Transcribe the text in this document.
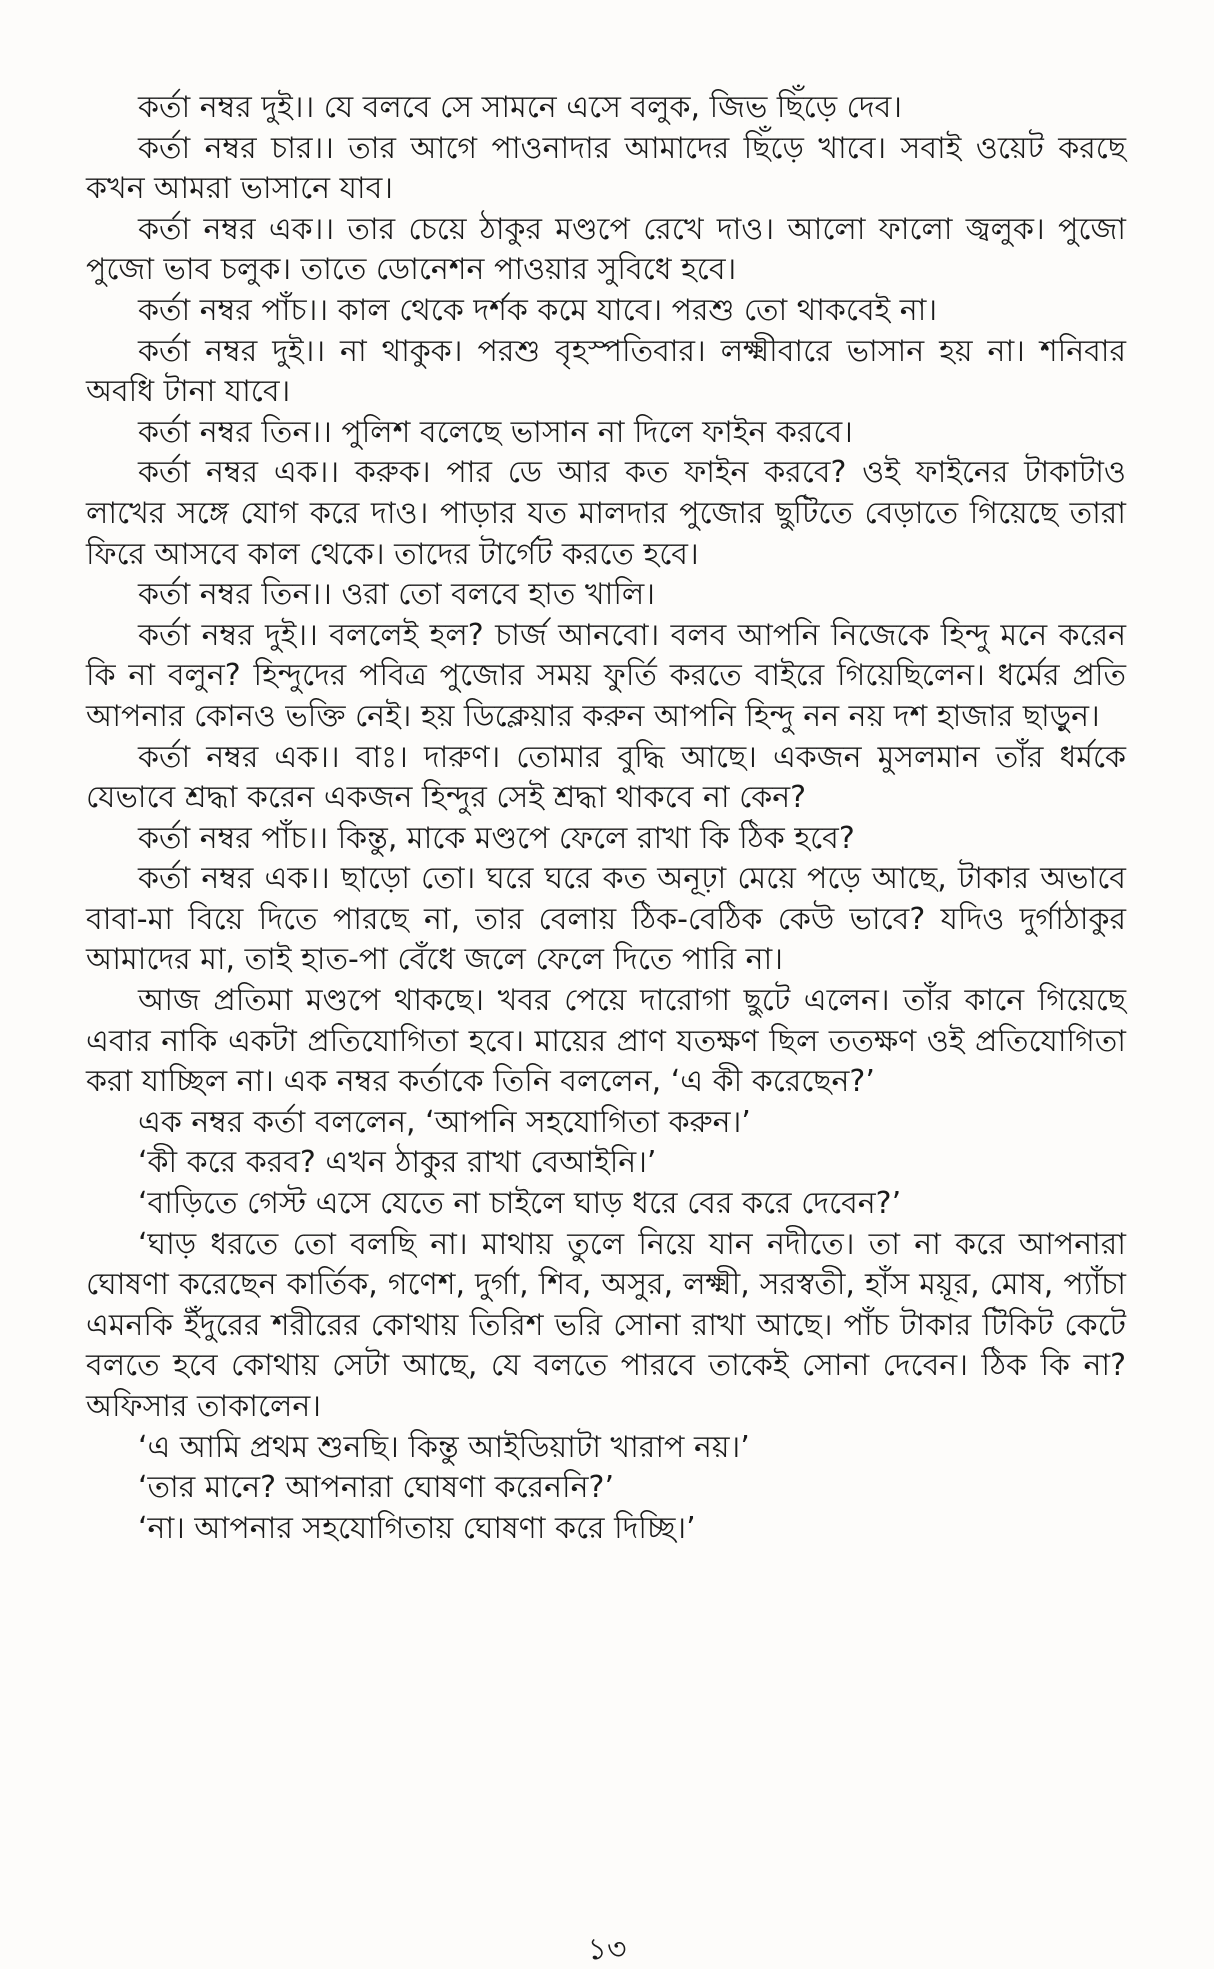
কর্তা নম্বর দুই।। যে বলবে সে সামনে এসে বলুক, জিভ ছিঁড়ে দেব।

কর্তা নম্বর চার।। তার আগে পাওনাদার আমাদের ছিঁড়ে খাবে। সবাই ওয়েট করছে কখন আমরা ভাসানে যাব।

কর্তা নম্বর এক।। তার চেয়ে ঠাকুর মণ্ডপে রেখে দাও। আলো ফালো জ্বলুক। পুজো পুজো ভাব চলুক। তাতে ডোনেশন পাওয়ার সুবিধে হবে।

কর্তা নম্বর পাঁচ।। কাল থেকে দর্শক কমে যাবে। পরশু তো থাকবেই না।

কর্তা নম্বর দুই।। না থাকুক। পরশু বৃহস্পতিবার। লক্ষ্মীবারে ভাসান হয় না। শনিবার অবধি টানা যাবে।

কর্তা নম্বর তিন।। পুলিশ বলেছে ভাসান না দিলে ফাইন করবে।

কর্তা নম্বর এক।। করুক। পার ডে আর কত ফাইন করবে? ওই ফাইনের টাকাটাও লাখের সঙ্গে যোগ করে দাও। পাড়ার যত মালদার পুজোর ছুটিতে বেড়াতে গিয়েছে তারা ফিরে আসবে কাল থেকে। তাদের টার্গেট করতে হবে।

কর্তা নম্বর তিন।। ওরা তো বলবে হাত খালি।

কর্তা নম্বর দুই।। বললেই হল? চার্জ আনবো। বলব আপনি নিজেকে হিন্দু মনে করেন কি না বলুন? হিন্দুদের পবিত্র পুজোর সময় ফুর্তি করতে বাইরে গিয়েছিলেন। ধর্মের প্রতি আপনার কোনও ভক্তি নেই। হয় ডিক্লেয়ার করুন আপনি হিন্দু নন নয় দশ হাজার ছাড়ুন।

কর্তা নম্বর এক।। বাঃ। দারুণ। তোমার বুদ্ধি আছে। একজন মুসলমান তাঁর ধর্মকে যেভাবে শ্রদ্ধা করেন একজন হিন্দুর সেই শ্রদ্ধা থাকবে না কেন?

কর্তা নম্বর পাঁচ।। কিন্তু, মাকে মণ্ডপে ফেলে রাখা কি ঠিক হবে?

কর্তা নম্বর এক।। ছাড়ো তো। ঘরে ঘরে কত অনূঢ়া মেয়ে পড়ে আছে, টাকার অভাবে বাবা-মা বিয়ে দিতে পারছে না, তার বেলায় ঠিক-বেঠিক কেউ ভাবে? যদিও দুর্গাঠাকুর আমাদের মা, তাই হাত-পা বেঁধে জলে ফেলে দিতে পারি না।

আজ প্রতিমা মণ্ডপে থাকছে। খবর পেয়ে দারোগা ছুটে এলেন। তাঁর কানে গিয়েছে এবার নাকি একটা প্রতিযোগিতা হবে। মায়ের প্রাণ যতক্ষণ ছিল ততক্ষণ ওই প্রতিযোগিতা করা যাচ্ছিল না। এক নম্বর কর্তাকে তিনি বললেন, ‘এ কী করেছেন?’

এক নম্বর কর্তা বললেন, ‘আপনি সহযোগিতা করুন।’

‘কী করে করব? এখন ঠাকুর রাখা বেআইনি।’

‘বাড়িতে গেস্ট এসে যেতে না চাইলে ঘাড় ধরে বের করে দেবেন?’

‘ঘাড় ধরতে তো বলছি না। মাথায় তুলে নিয়ে যান নদীতে। তা না করে আপনারা ঘোষণা করেছেন কার্তিক, গণেশ, দুর্গা, শিব, অসুর, লক্ষ্মী, সরস্বতী, হাঁস ময়ূর, মোষ, প্যাঁচা এমনকি ইঁদুরের শরীরের কোথায় তিরিশ ভরি সোনা রাখা আছে। পাঁচ টাকার টিকিট কেটে বলতে হবে কোথায় সেটা আছে, যে বলতে পারবে তাকেই সোনা দেবেন। ঠিক কি না? অফিসার তাকালেন।

‘এ আমি প্রথম শুনছি। কিন্তু আইডিয়াটা খারাপ নয়।’

‘তার মানে? আপনারা ঘোষণা করেননি?’

‘না। আপনার সহযোগিতায় ঘোষণা করে দিচ্ছি।’

১৩
